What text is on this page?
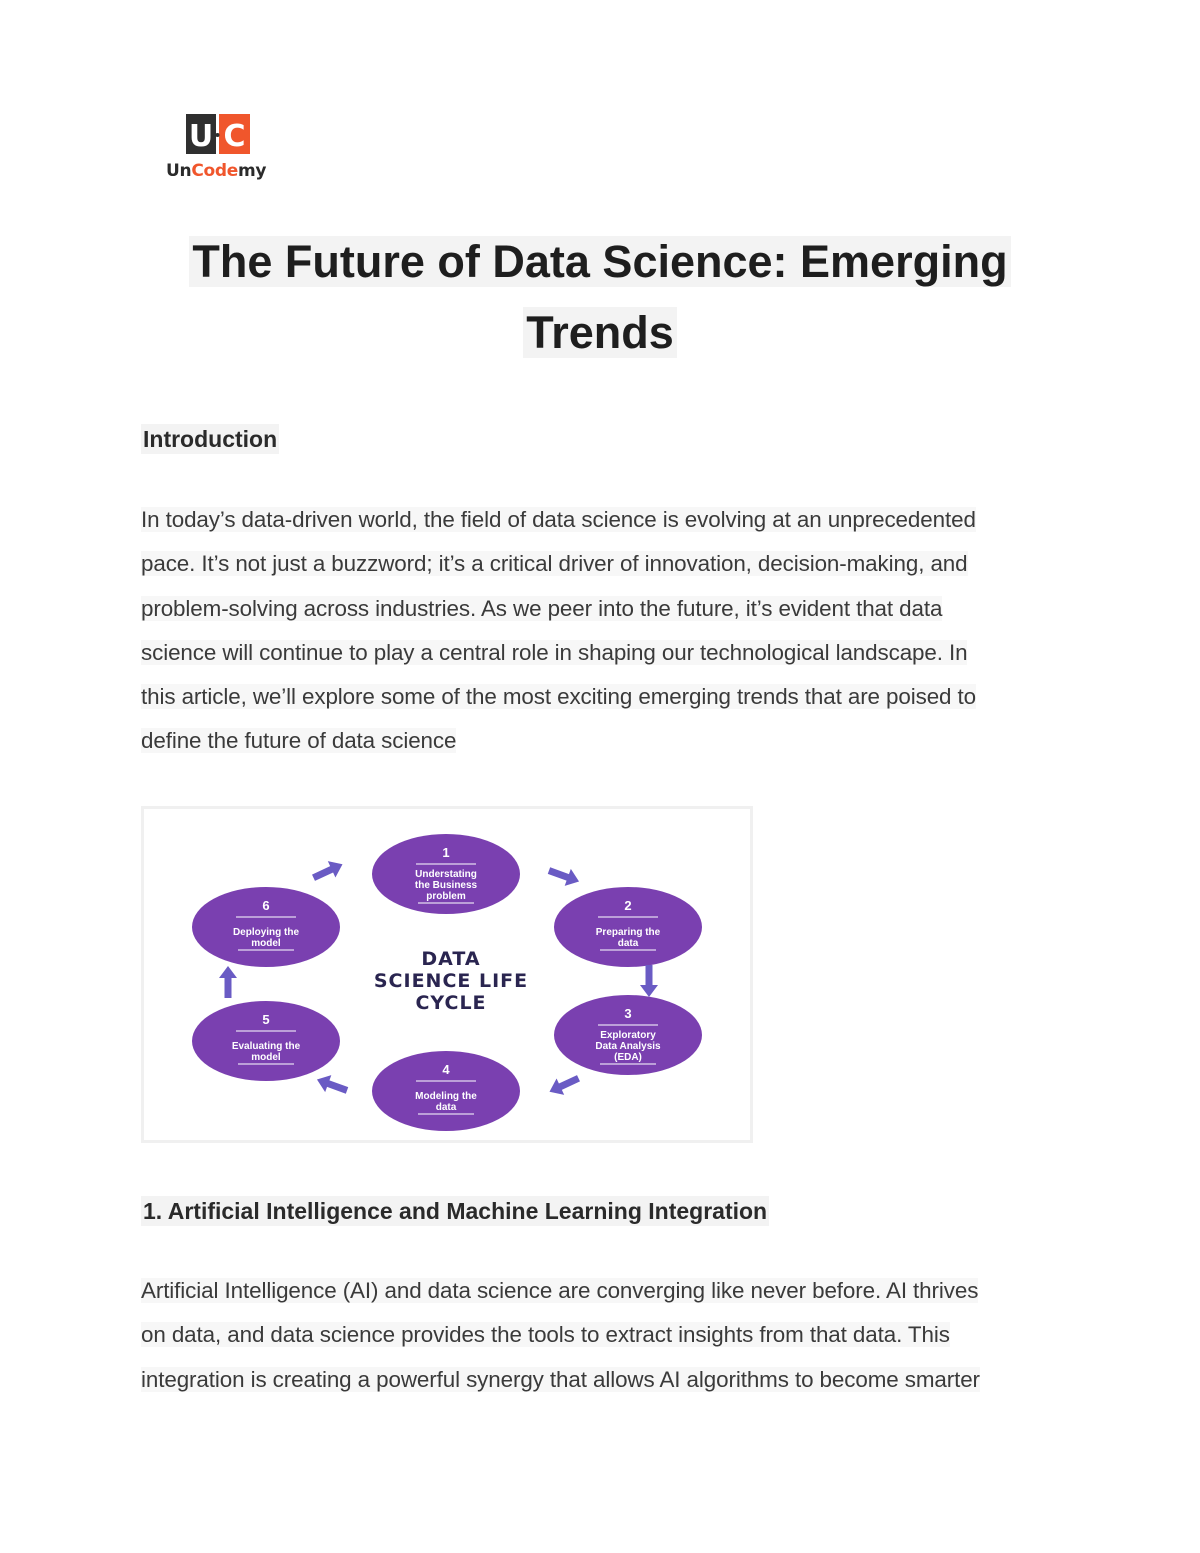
U C
UnCodemy
The Future of Data Science: Emerging
Trends
Introduction
In today’s data-driven world, the field of data science is evolving at an unprecedented
pace. It’s not just a buzzword; it’s a critical driver of innovation, decision-making, and
problem-solving across industries. As we peer into the future, it’s evident that data
science will continue to play a central role in shaping our technological landscape. In
this article, we’ll explore some of the most exciting emerging trends that are poised to
define the future of data science
1
Understating
the Business
problem
2
Preparing the
data
3
Exploratory
Data Analysis
(EDA)
4
Modeling the
data
5
Evaluating the
model
6
Deploying the
model
DATA
SCIENCE LIFE
CYCLE
1. Artificial Intelligence and Machine Learning Integration
Artificial Intelligence (AI) and data science are converging like never before. AI thrives
on data, and data science provides the tools to extract insights from that data. This
integration is creating a powerful synergy that allows AI algorithms to become smarter
